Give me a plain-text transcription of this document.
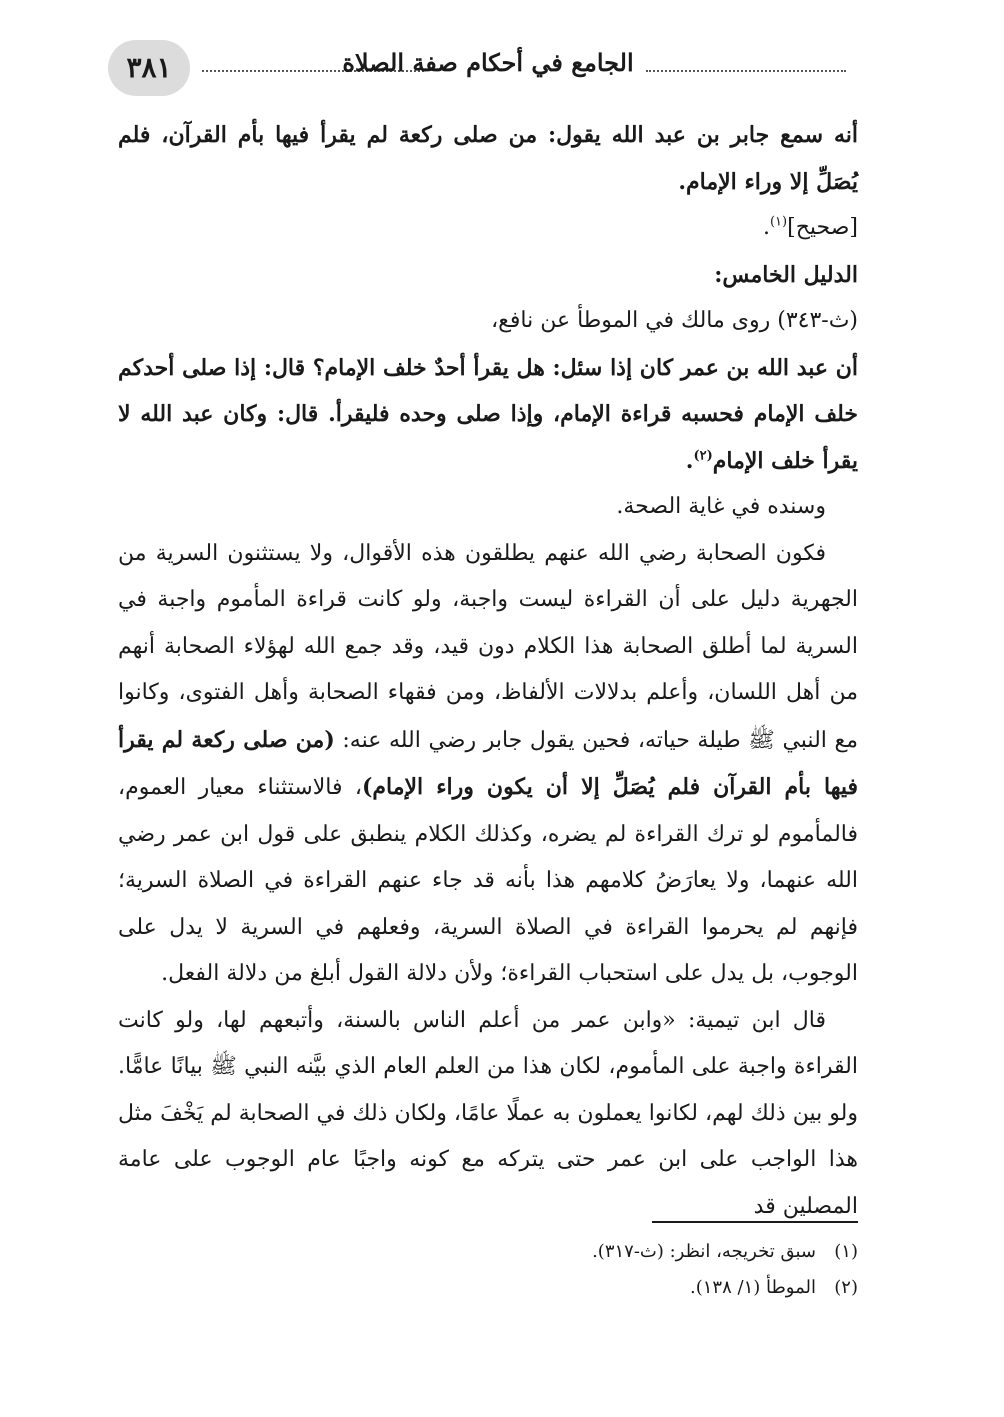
٣٨١	الجامع في أحكام صفة الصلاة

أنه سمع جابر بن عبد الله يقول: من صلى ركعة لم يقرأ فيها بأم القرآن، فلم يُصَلِّ إلا وراء الإمام.

[صحيح]$^{(١)}$.

الدليل الخامس:

(ث-٣٤٣) روى مالك في الموطأ عن نافع،

أن عبد الله بن عمر كان إذا سئل: هل يقرأ أحدٌ خلف الإمام؟ قال: إذا صلى أحدكم خلف الإمام فحسبه قراءة الإمام، وإذا صلى وحده فليقرأ. قال: وكان عبد الله لا يقرأ خلف الإمام$^{(٢)}$.

وسنده في غاية الصحة.

فكون الصحابة رضي الله عنهم يطلقون هذه الأقوال، ولا يستثنون السرية من الجهرية دليل على أن القراءة ليست واجبة، ولو كانت قراءة المأموم واجبة في السرية لما أطلق الصحابة هذا الكلام دون قيد، وقد جمع الله لهؤلاء الصحابة أنهم من أهل اللسان، وأعلم بدلالات الألفاظ، ومن فقهاء الصحابة وأهل الفتوى، وكانوا مع النبي ﷺ طيلة حياته، فحين يقول جابر رضي الله عنه: (من صلى ركعة لم يقرأ فيها بأم القرآن فلم يُصَلِّ إلا أن يكون وراء الإمام)، فالاستثناء معيار العموم، فالمأموم لو ترك القراءة لم يضره، وكذلك الكلام ينطبق على قول ابن عمر رضي الله عنهما، ولا يعارَضُ كلامهم هذا بأنه قد جاء عنهم القراءة في الصلاة السرية؛ فإنهم لم يحرموا القراءة في الصلاة السرية، وفعلهم في السرية لا يدل على الوجوب، بل يدل على استحباب القراءة؛ ولأن دلالة القول أبلغ من دلالة الفعل.

قال ابن تيمية: «وابن عمر من أعلم الناس بالسنة، وأتبعهم لها، ولو كانت القراءة واجبة على المأموم، لكان هذا من العلم العام الذي بيَّنه النبي ﷺ بيانًا عامًّا. ولو بين ذلك لهم، لكانوا يعملون به عملًا عامًا، ولكان ذلك في الصحابة لم يَخْفَ مثل هذا الواجب على ابن عمر حتى يتركه مع كونه واجبًا عام الوجوب على عامة المصلين قد

(١)سبق تخريجه، انظر: (ث-٣١٧).

(٢)الموطأ (١/ ١٣٨).
